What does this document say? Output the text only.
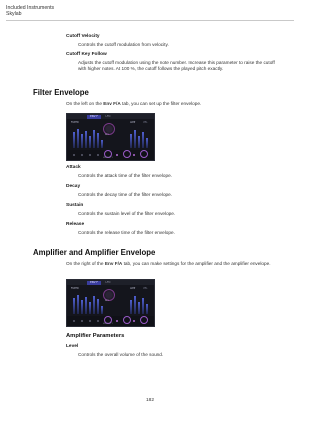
Included Instruments
Skylab
Cutoff Velocity
Controls the cutoff modulation from velocity.
Cutoff Key Follow
Adjusts the cutoff modulation using the note number. Increase this parameter to raise the cutoff with higher notes. At 100 %, the cutoff follows the played pitch exactly.
Filter Envelope
On the left on the Env F/A tab, you can set up the filter envelope.
ENV F	LFO
FILTER	AMP	VEL
KEY
VELOCITY
Attack
Controls the attack time of the filter envelope.
Decay
Controls the decay time of the filter envelope.
Sustain
Controls the sustain level of the filter envelope.
Release
Controls the release time of the filter envelope.
Amplifier and Amplifier Envelope
On the right of the Env F/A tab, you can make settings for the amplifier and the amplifier envelope.
ENV F	LFO
FILTER	AMP	VEL
KEY
VELOCITY
Amplifier Parameters
Level
Controls the overall volume of the sound.
182
